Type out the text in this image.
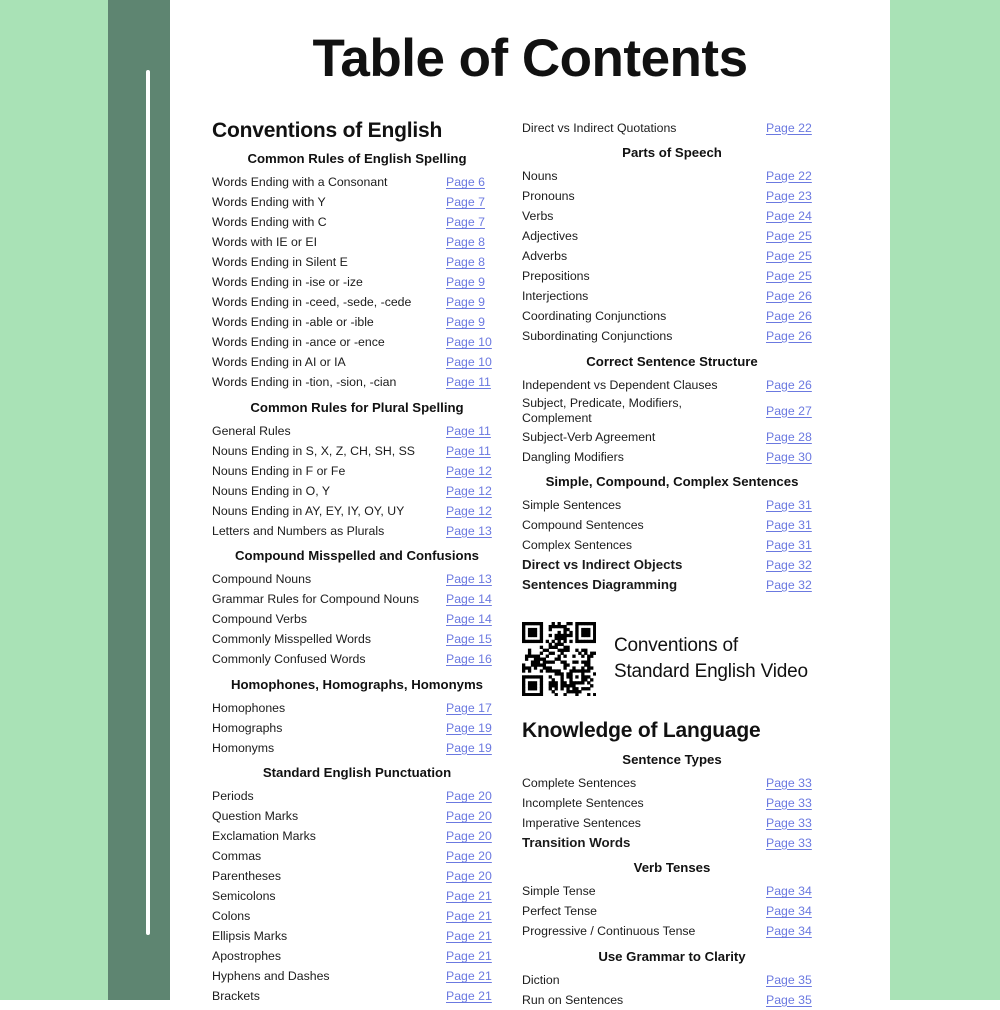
Table of Contents
Conventions of English
Common Rules of English Spelling
Words Ending with a Consonant	Page 6
Words Ending with Y	Page 7
Words Ending with C	Page 7
Words with IE or EI	Page 8
Words Ending in Silent E	Page 8
Words Ending in -ise or -ize	Page 9
Words Ending in -ceed, -sede, -cede	Page 9
Words Ending in -able or -ible	Page 9
Words Ending in -ance or -ence	Page 10
Words Ending in AI or IA	Page 10
Words Ending in -tion, -sion, -cian	Page 11
Common Rules for Plural Spelling
General Rules	Page 11
Nouns Ending in S, X, Z, CH, SH, SS	Page 11
Nouns Ending in F or Fe	Page 12
Nouns Ending in O, Y	Page 12
Nouns Ending in AY, EY, IY, OY, UY	Page 12
Letters and Numbers as Plurals	Page 13
Compound Misspelled and Confusions
Compound Nouns	Page 13
Grammar Rules for Compound Nouns	Page 14
Compound Verbs	Page 14
Commonly Misspelled Words	Page 15
Commonly Confused Words	Page 16
Homophones, Homographs, Homonyms
Homophones	Page 17
Homographs	Page 19
Homonyms	Page 19
Standard English Punctuation
Periods	Page 20
Question Marks	Page 20
Exclamation Marks	Page 20
Commas	Page 20
Parentheses	Page 20
Semicolons	Page 21
Colons	Page 21
Ellipsis Marks	Page 21
Apostrophes	Page 21
Hyphens and Dashes	Page 21
Brackets	Page 21
Direct vs Indirect Quotations	Page 22
Parts of Speech
Nouns	Page 22
Pronouns	Page 23
Verbs	Page 24
Adjectives	Page 25
Adverbs	Page 25
Prepositions	Page 25
Interjections	Page 26
Coordinating Conjunctions	Page 26
Subordinating Conjunctions	Page 26
Correct Sentence Structure
Independent vs Dependent Clauses	Page 26
Subject, Predicate, Modifiers, Complement
Page 27
Subject-Verb Agreement	Page 28
Dangling Modifiers	Page 30
Simple, Compound, Complex Sentences
Simple Sentences	Page 31
Compound Sentences	Page 31
Complex Sentences	Page 31
Direct vs Indirect Objects	Page 32
Sentences Diagramming	Page 32
Conventions of Standard English Video
Knowledge of Language
Sentence Types
Complete Sentences	Page 33
Incomplete Sentences	Page 33
Imperative Sentences	Page 33
Transition Words	Page 33
Verb Tenses
Simple Tense	Page 34
Perfect Tense	Page 34
Progressive / Continuous Tense	Page 34
Use Grammar to Clarity
Diction	Page 35
Run on Sentences	Page 35
